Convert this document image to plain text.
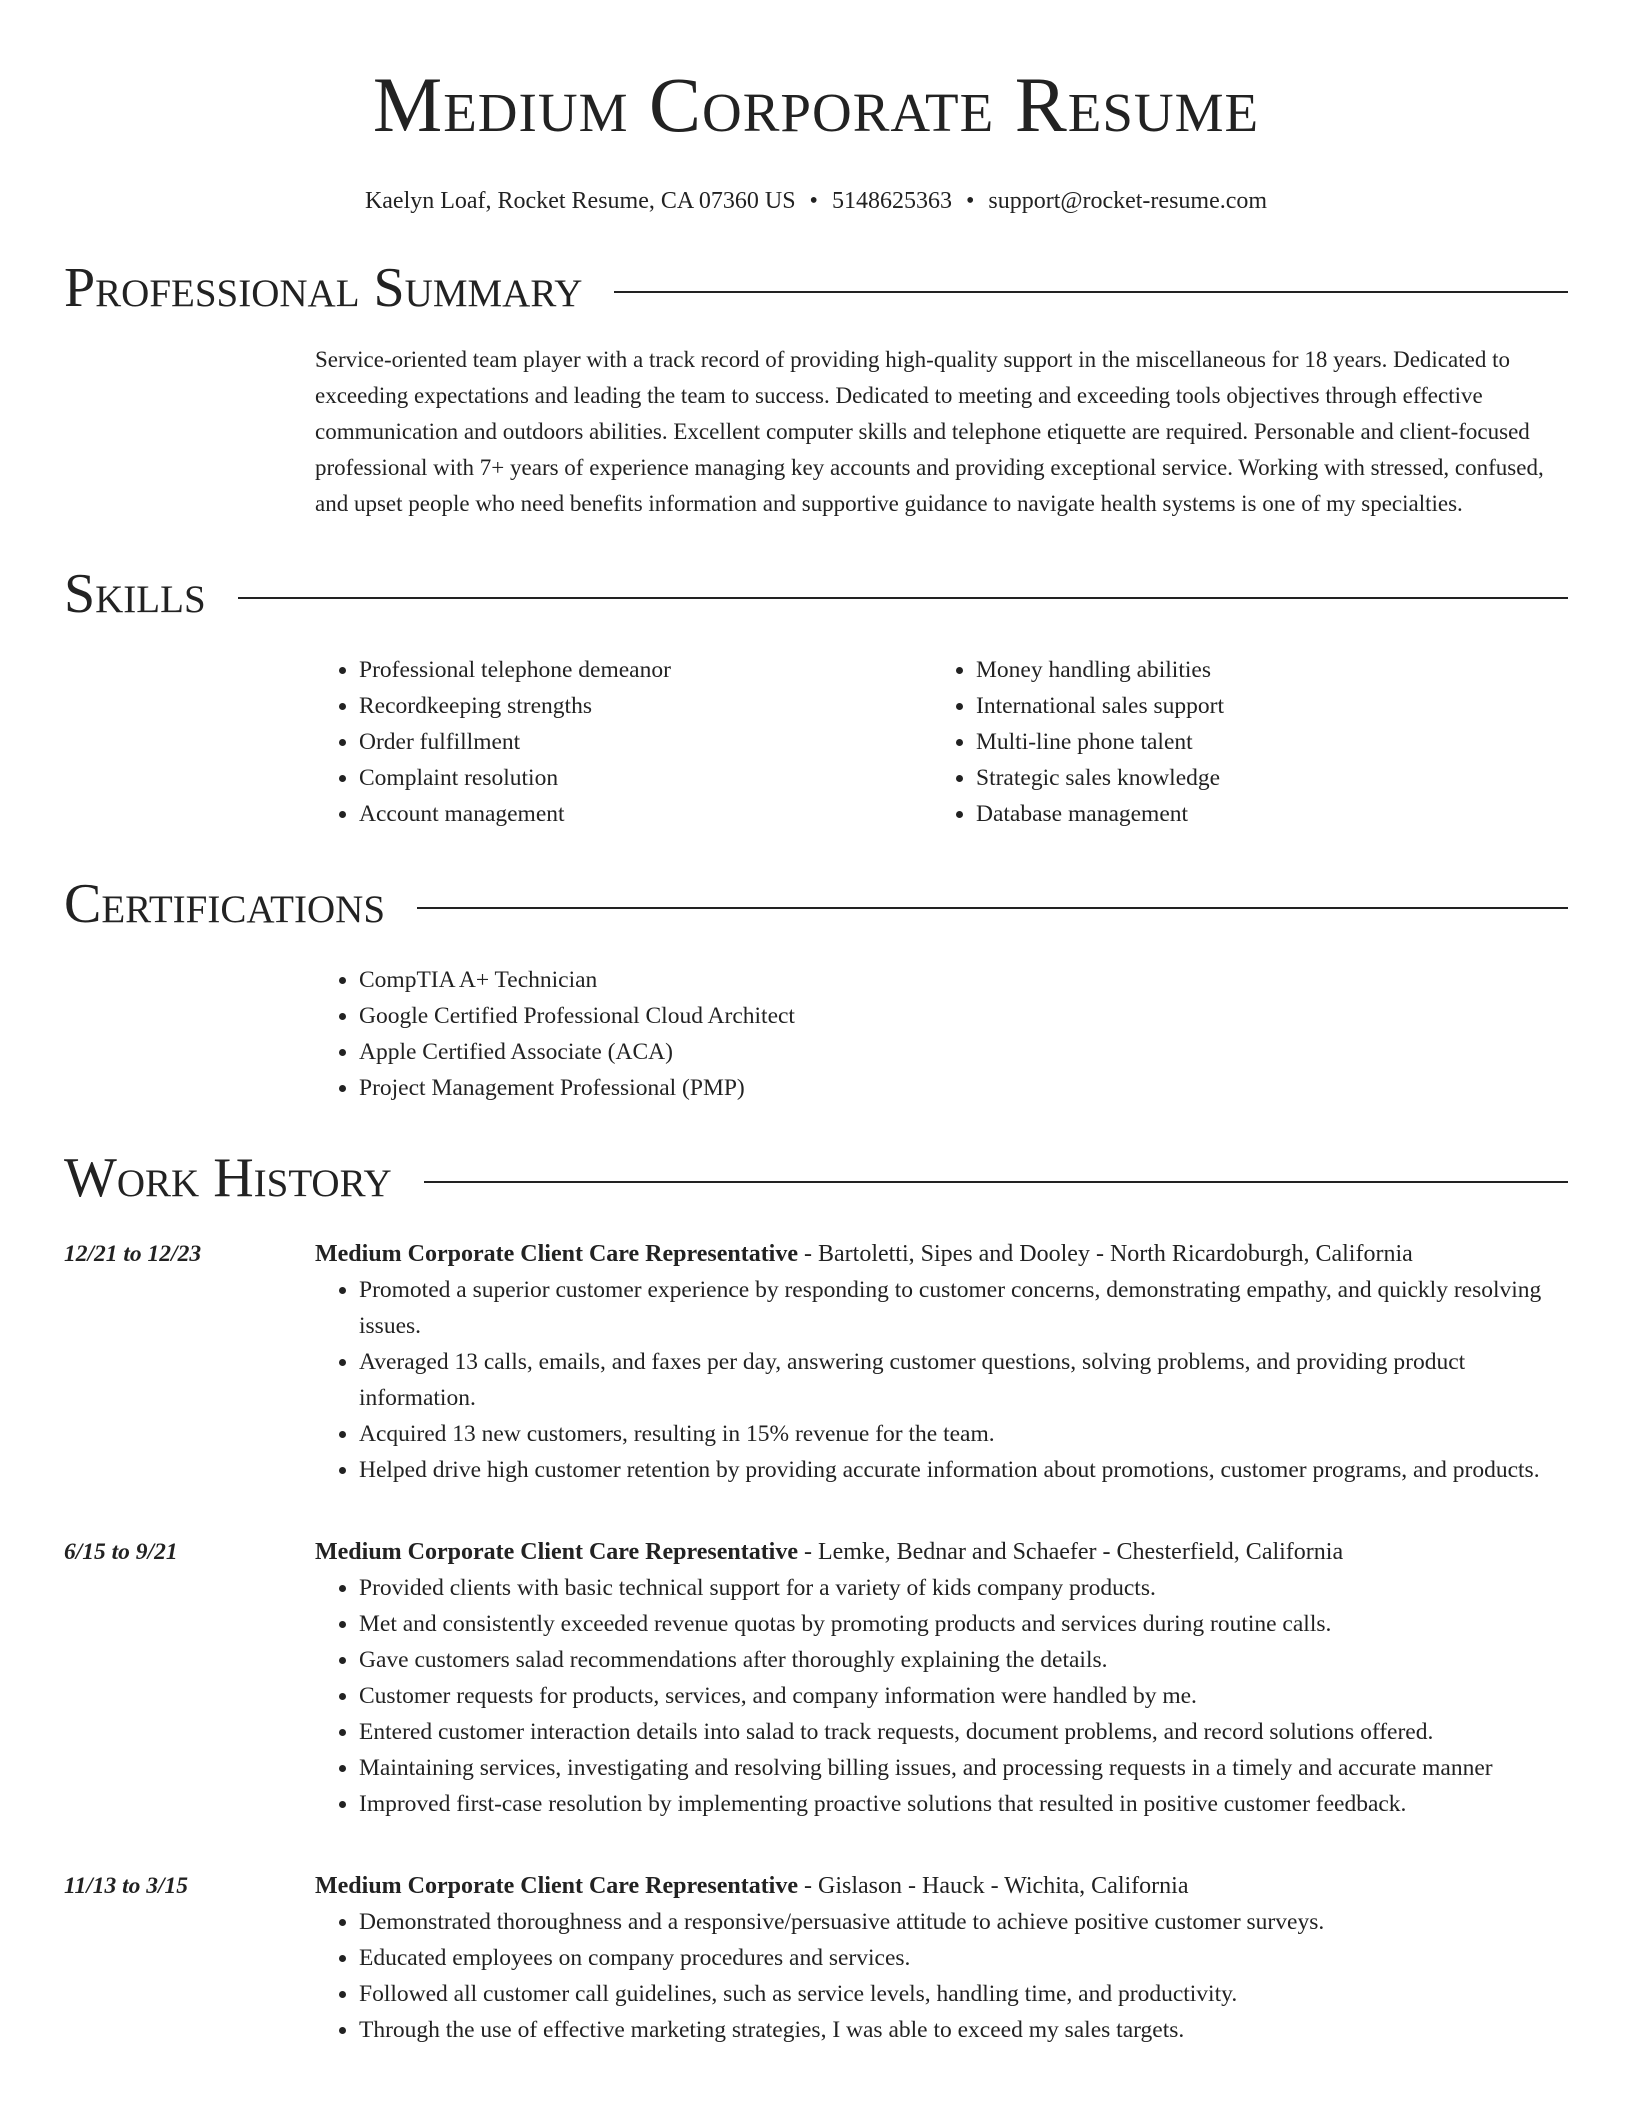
Medium Corporate Resume
Kaelyn Loaf, Rocket Resume, CA 07360 US • 5148625363 • support@rocket-resume.com
Professional Summary
Service-oriented team player with a track record of providing high-quality support in the miscellaneous for 18 years. Dedicated to exceeding expectations and leading the team to success. Dedicated to meeting and exceeding tools objectives through effective communication and outdoors abilities. Excellent computer skills and telephone etiquette are required. Personable and client-focused professional with 7+ years of experience managing key accounts and providing exceptional service. Working with stressed, confused, and upset people who need benefits information and supportive guidance to navigate health systems is one of my specialties.
Skills
• Professional telephone demeanor
• Recordkeeping strengths
• Order fulfillment
• Complaint resolution
• Account management
• Money handling abilities
• International sales support
• Multi-line phone talent
• Strategic sales knowledge
• Database management
Certifications
• CompTIA A+ Technician
• Google Certified Professional Cloud Architect
• Apple Certified Associate (ACA)
• Project Management Professional (PMP)
Work History
12/21 to 12/23	Medium Corporate Client Care Representative - Bartoletti, Sipes and Dooley - North Ricardoburgh, California
• Promoted a superior customer experience by responding to customer concerns, demonstrating empathy, and quickly resolving issues.
• Averaged 13 calls, emails, and faxes per day, answering customer questions, solving problems, and providing product information.
• Acquired 13 new customers, resulting in 15% revenue for the team.
• Helped drive high customer retention by providing accurate information about promotions, customer programs, and products.
6/15 to 9/21	Medium Corporate Client Care Representative - Lemke, Bednar and Schaefer - Chesterfield, California
• Provided clients with basic technical support for a variety of kids company products.
• Met and consistently exceeded revenue quotas by promoting products and services during routine calls.
• Gave customers salad recommendations after thoroughly explaining the details.
• Customer requests for products, services, and company information were handled by me.
• Entered customer interaction details into salad to track requests, document problems, and record solutions offered.
• Maintaining services, investigating and resolving billing issues, and processing requests in a timely and accurate manner
• Improved first-case resolution by implementing proactive solutions that resulted in positive customer feedback.
11/13 to 3/15	Medium Corporate Client Care Representative - Gislason - Hauck - Wichita, California
• Demonstrated thoroughness and a responsive/persuasive attitude to achieve positive customer surveys.
• Educated employees on company procedures and services.
• Followed all customer call guidelines, such as service levels, handling time, and productivity.
• Through the use of effective marketing strategies, I was able to exceed my sales targets.
